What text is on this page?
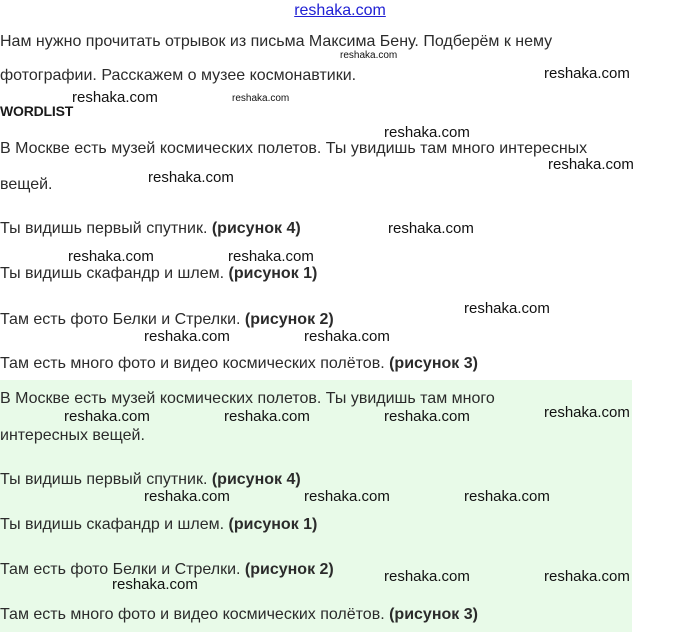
reshaka.com
Нам нужно прочитать отрывок из письма Максима Бену. Подберём к нему
фотографии. Расскажем о музее космонавтики.
WORDLIST
В Москве есть музей космических полетов. Ты увидишь там много интересных
вещей.
Ты видишь первый спутник. (рисунок 4)
Ты видишь скафандр и шлем. (рисунок 1)
Там есть фото Белки и Стрелки. (рисунок 2)
Там есть много фото и видео космических полётов. (рисунок 3)
В Москве есть музей космических полетов. Ты увидишь там много
интересных вещей.
Ты видишь первый спутник. (рисунок 4)
Ты видишь скафандр и шлем. (рисунок 1)
Там есть фото Белки и Стрелки. (рисунок 2)
Там есть много фото и видео космических полётов. (рисунок 3)
reshaka.com
reshaka.com
reshaka.com	reshaka.com
reshaka.com
reshaka.com
reshaka.com
reshaka.com
reshaka.com	reshaka.com
reshaka.com
reshaka.com	reshaka.com
reshaka.com
reshaka.com	reshaka.com	reshaka.com
reshaka.com	reshaka.com	reshaka.com
reshaka.com	reshaka.com
reshaka.com
